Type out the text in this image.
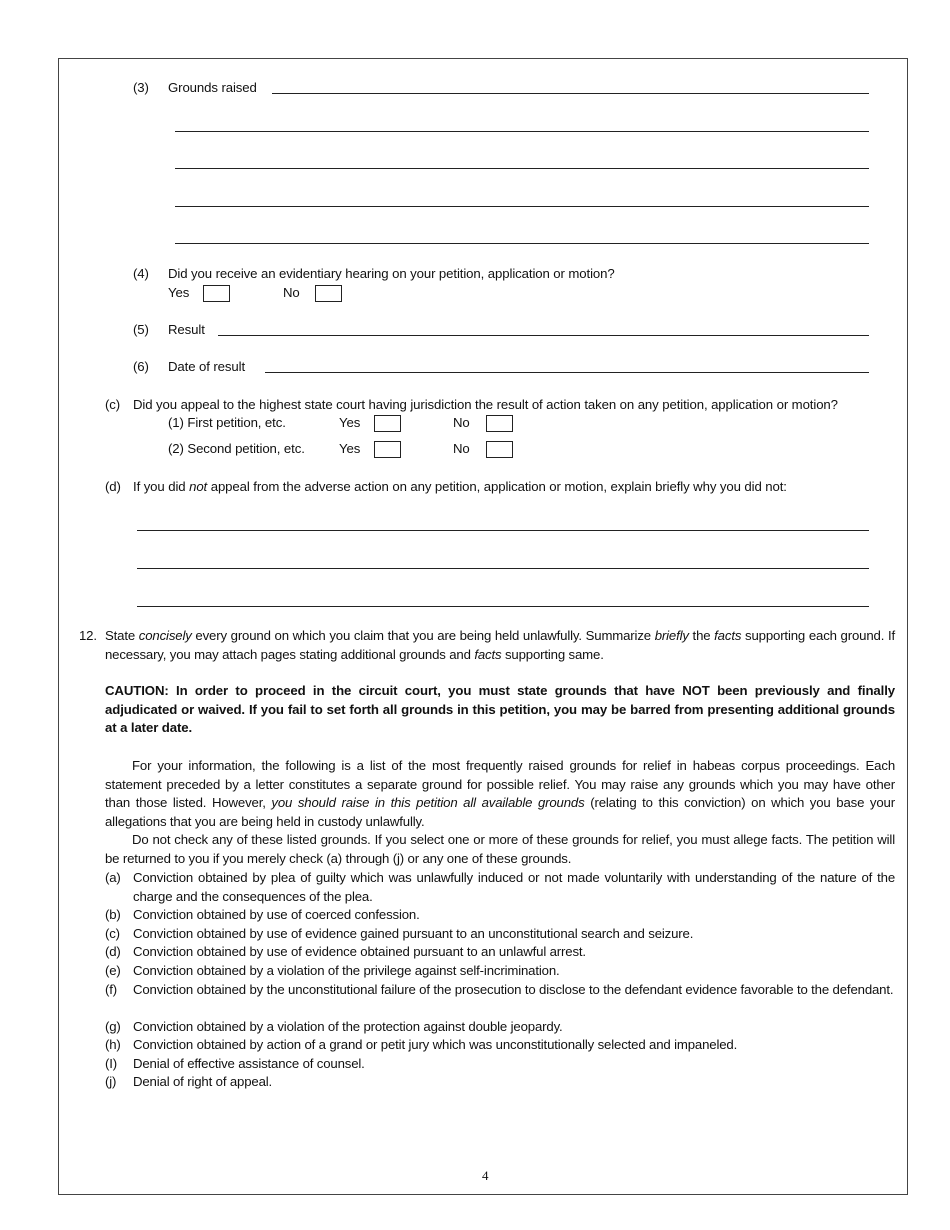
(3) Grounds raised
(4) Did you receive an evidentiary hearing on your petition, application or motion?
Yes	No
(5) Result
(6) Date of result
(c) Did you appeal to the highest state court having jurisdiction the result of action taken on any petition, application or motion?
(1) First petition, etc.	Yes	No
(2) Second petition, etc.	Yes	No
(d) If you did not appeal from the adverse action on any petition, application or motion, explain briefly why you did not:
12. State concisely every ground on which you claim that you are being held unlawfully. Summarize briefly the facts supporting each ground. If necessary, you may attach pages stating additional grounds and facts supporting same.
CAUTION: In order to proceed in the circuit court, you must state grounds that have NOT been previously and finally adjudicated or waived. If you fail to set forth all grounds in this petition, you may be barred from presenting additional grounds at a later date.
For your information, the following is a list of the most frequently raised grounds for relief in habeas corpus proceedings. Each statement preceded by a letter constitutes a separate ground for possible relief. You may raise any grounds which you may have other than those listed. However, you should raise in this petition all available grounds (relating to this conviction) on which you base your allegations that you are being held in custody unlawfully.
Do not check any of these listed grounds. If you select one or more of these grounds for relief, you must allege facts. The petition will be returned to you if you merely check (a) through (j) or any one of these grounds.
(a) Conviction obtained by plea of guilty which was unlawfully induced or not made voluntarily with understanding of the nature of the charge and the consequences of the plea.
(b) Conviction obtained by use of coerced confession.
(c) Conviction obtained by use of evidence gained pursuant to an unconstitutional search and seizure.
(d) Conviction obtained by use of evidence obtained pursuant to an unlawful arrest.
(e) Conviction obtained by a violation of the privilege against self-incrimination.
(f) Conviction obtained by the unconstitutional failure of the prosecution to disclose to the defendant evidence favorable to the defendant.
(g) Conviction obtained by a violation of the protection against double jeopardy.
(h) Conviction obtained by action of a grand or petit jury which was unconstitutionally selected and impaneled.
(I) Denial of effective assistance of counsel.
(j) Denial of right of appeal.
4
